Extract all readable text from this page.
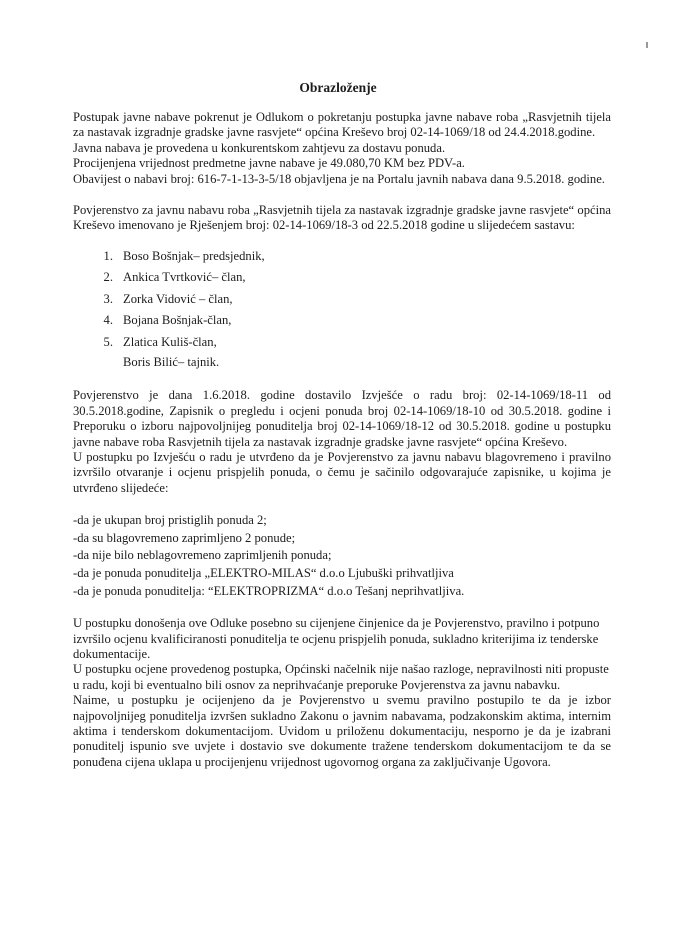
Obrazloženje

Postupak javne nabave pokrenut je Odlukom o pokretanju postupka javne nabave roba „Rasvjetnih tijela za nastavak izgradnje gradske javne rasvjete“ općina Kreševo broj 02-14-1069/18 od 24.4.2018.godine.

Javna nabava je provedena u konkurentskom zahtjevu za dostavu ponuda.

Procijenjena vrijednost predmetne javne nabave je 49.080,70 KM bez PDV-a.

Obavijest o nabavi broj: 616-7-1-13-3-5/18 objavljena je na Portalu javnih nabava dana 9.5.2018. godine.

Povjerenstvo za javnu nabavu roba „Rasvjetnih tijela za nastavak izgradnje gradske javne rasvjete“ općina Kreševo imenovano je Rješenjem broj: 02-14-1069/18-3 od 22.5.2018 godine u slijedećem sastavu:

1. Boso Bošnjak– predsjednik,
2. Ankica Tvrtković– član,
3. Zorka Vidović – član,
4. Bojana Bošnjak-član,
5. Zlatica Kuliš-član,
Boris Bilić– tajnik.

Povjerenstvo je dana 1.6.2018. godine dostavilo Izvješće o radu broj: 02-14-1069/18-11 od 30.5.2018.godine, Zapisnik o pregledu i ocjeni ponuda broj 02-14-1069/18-10 od 30.5.2018. godine i Preporuku o izboru najpovoljnijeg ponuditelja broj 02-14-1069/18-12 od 30.5.2018. godine u postupku javne nabave roba Rasvjetnih tijela za nastavak izgradnje gradske javne rasvjete“ općina Kreševo.

U postupku po Izvješću o radu je utvrđeno da je Povjerenstvo za javnu nabavu blagovremeno i pravilno izvršilo otvaranje i ocjenu prispjelih ponuda, o čemu je sačinilo odgovarajuće zapisnike, u kojima je utvrđeno slijedeće:

-da je ukupan broj pristiglih ponuda 2;

-da su blagovremeno zaprimljeno 2 ponude;

-da nije bilo neblagovremeno zaprimljenih ponuda;

-da je ponuda ponuditelja „ELEKTRO-MILAS“ d.o.o Ljubuški prihvatljiva

-da je ponuda ponuditelja: “ELEKTROPRIZMA“ d.o.o Tešanj neprihvatljiva.

U postupku donošenja ove Odluke posebno su cijenjene činjenice da je Povjerenstvo, pravilno i potpuno izvršilo ocjenu kvalificiranosti ponuditelja te ocjenu prispjelih ponuda, sukladno kriterijima iz tenderske dokumentacije.

U postupku ocjene provedenog postupka, Općinski načelnik nije našao razloge, nepravilnosti niti propuste u radu, koji bi eventualno bili osnov za neprihvaćanje preporuke Povjerenstva za javnu nabavku.

Naime, u postupku je ocijenjeno da je Povjerenstvo u svemu pravilno postupilo te da je izbor najpovoljnijeg ponuditelja izvršen sukladno Zakonu o javnim nabavama, podzakonskim aktima, internim aktima i tenderskom dokumentacijom. Uvidom u priloženu dokumentaciju, nesporno je da je izabrani ponuditelj ispunio sve uvjete i dostavio sve dokumente tražene tenderskom dokumentacijom te da se ponuđena cijena uklapa u procijenjenu vrijednost ugovornog organa za zaključivanje Ugovora.
